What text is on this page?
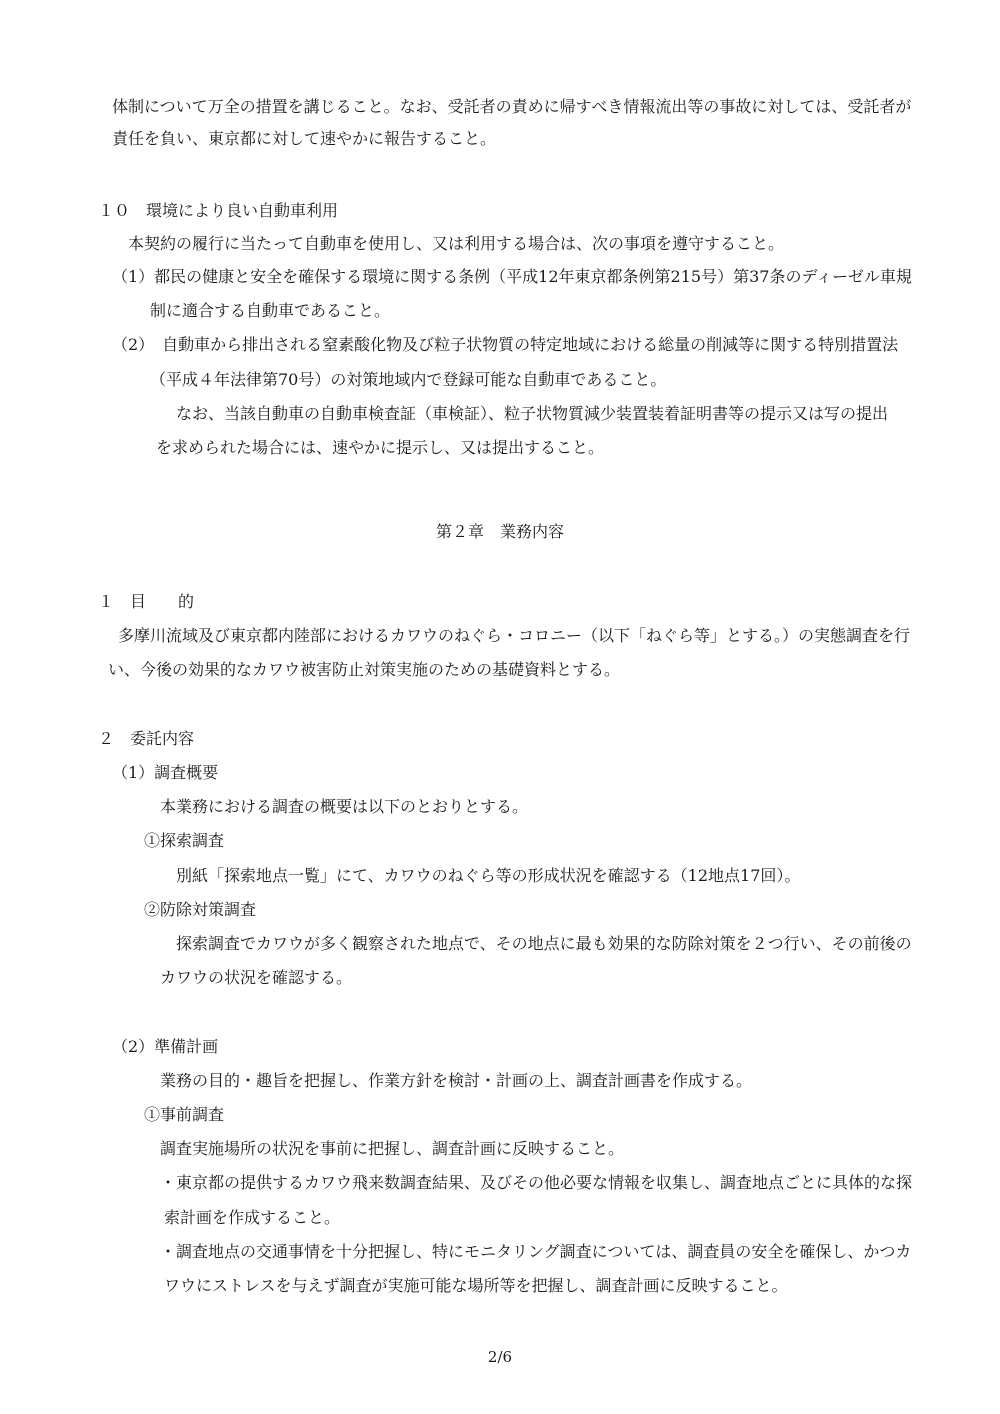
体制について万全の措置を講じること。なお、受託者の責めに帰すべき情報流出等の事故に対しては、受託者が
責任を負い、東京都に対して速やかに報告すること。
１０　環境により良い自動車利用
本契約の履行に当たって自動車を使用し、又は利用する場合は、次の事項を遵守すること。
（1）都民の健康と安全を確保する環境に関する条例（平成12年東京都条例第215号）第37条のディーゼル車規
制に適合する自動車であること。
（2）　自動車から排出される窒素酸化物及び粒子状物質の特定地域における総量の削減等に関する特別措置法
（平成４年法律第70号）の対策地域内で登録可能な自動車であること。
なお、当該自動車の自動車検査証（車検証）、粒子状物質減少装置装着証明書等の提示又は写の提出
を求められた場合には、速やかに提示し、又は提出すること。
第２章　業務内容
１　目　　的
多摩川流域及び東京都内陸部におけるカワウのねぐら・コロニー（以下「ねぐら等」とする。）の実態調査を行
い、今後の効果的なカワウ被害防止対策実施のための基礎資料とする。
２　委託内容
（1）調査概要
本業務における調査の概要は以下のとおりとする。
①探索調査
別紙「探索地点一覧」にて、カワウのねぐら等の形成状況を確認する（12地点17回）。
②防除対策調査
探索調査でカワウが多く観察された地点で、その地点に最も効果的な防除対策を２つ行い、その前後の
カワウの状況を確認する。
（2）準備計画
業務の目的・趣旨を把握し、作業方針を検討・計画の上、調査計画書を作成する。
①事前調査
調査実施場所の状況を事前に把握し、調査計画に反映すること。
・東京都の提供するカワウ飛来数調査結果、及びその他必要な情報を収集し、調査地点ごとに具体的な探
索計画を作成すること。
・調査地点の交通事情を十分把握し、特にモニタリング調査については、調査員の安全を確保し、かつカ
ワウにストレスを与えず調査が実施可能な場所等を把握し、調査計画に反映すること。
2/6
